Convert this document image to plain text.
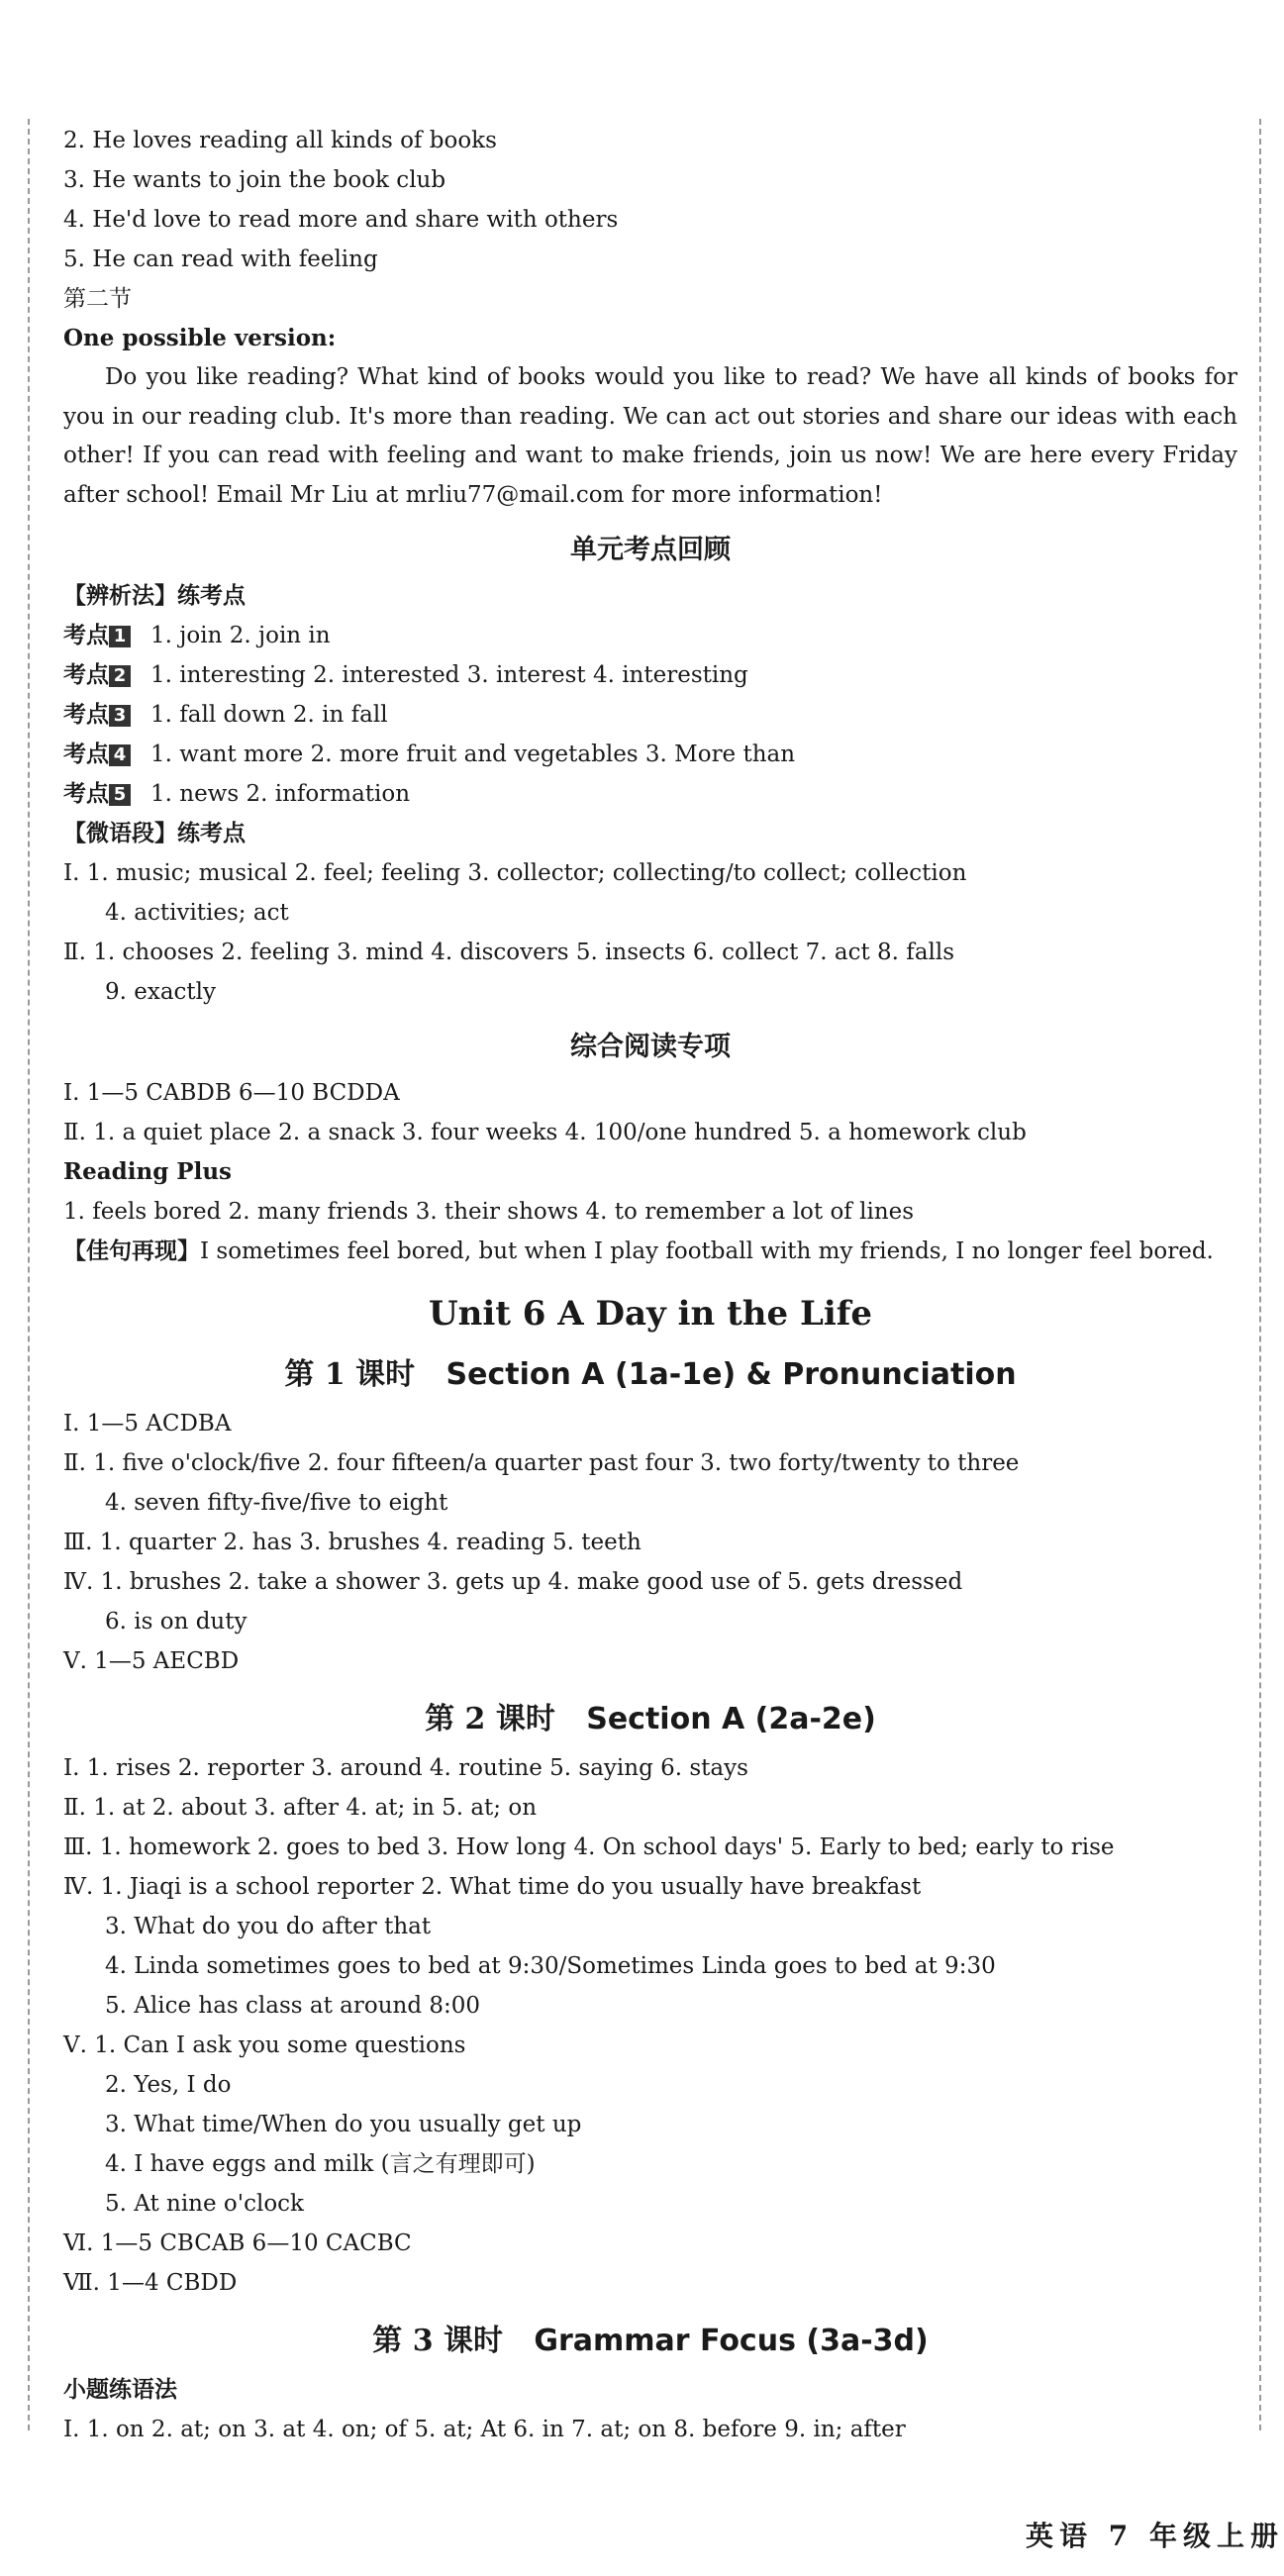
2. He loves reading all kinds of books
3. He wants to join the book club
4. He'd love to read more and share with others
5. He can read with feeling
第二节
One possible version:

Do you like reading? What kind of books would you like to read? We have all kinds of books for you in our reading club. It's more than reading. We can act out stories and share our ideas with each other! If you can read with feeling and want to make friends, join us now! We are here every Friday after school! Email Mr Liu at mrliu77@mail.com for more information!

单元考点回顾
【辨析法】练考点
考点 1 1. join 2. join in
考点 2 1. interesting 2. interested 3. interest 4. interesting
考点 3 1. fall down 2. in fall
考点 4 1. want more 2. more fruit and vegetables 3. More than
考点 5 1. news 2. information
【微语段】练考点
Ⅰ. 1. music; musical 2. feel; feeling 3. collector; collecting/to collect; collection
4. activities; act
Ⅱ. 1. chooses 2. feeling 3. mind 4. discovers 5. insects 6. collect 7. act 8. falls
9. exactly
综合阅读专项
Ⅰ. 1—5 CABDB 6—10 BCDDA
Ⅱ. 1. a quiet place 2. a snack 3. four weeks 4. 100/one hundred 5. a homework club
Reading Plus
1. feels bored 2. many friends 3. their shows 4. to remember a lot of lines
【佳句再现】I sometimes feel bored, but when I play football with my friends, I no longer feel bored.
Unit 6 A Day in the Life
第 1 课时 Section A (1a-1e) & Pronunciation
Ⅰ. 1—5 ACDBA
Ⅱ. 1. five o'clock/five 2. four fifteen/a quarter past four 3. two forty/twenty to three
4. seven fifty-five/five to eight
Ⅲ. 1. quarter 2. has 3. brushes 4. reading 5. teeth
Ⅳ. 1. brushes 2. take a shower 3. gets up 4. make good use of 5. gets dressed
6. is on duty
Ⅴ. 1—5 AECBD
第 2 课时 Section A (2a-2e)
Ⅰ. 1. rises 2. reporter 3. around 4. routine 5. saying 6. stays
Ⅱ. 1. at 2. about 3. after 4. at; in 5. at; on
Ⅲ. 1. homework 2. goes to bed 3. How long 4. On school days' 5. Early to bed; early to rise
Ⅳ. 1. Jiaqi is a school reporter 2. What time do you usually have breakfast
3. What do you do after that
4. Linda sometimes goes to bed at 9:30/Sometimes Linda goes to bed at 9:30
5. Alice has class at around 8:00
Ⅴ. 1. Can I ask you some questions
2. Yes, I do
3. What time/When do you usually get up
4. I have eggs and milk (言之有理即可)
5. At nine o'clock
Ⅵ. 1—5 CBCAB 6—10 CACBC
Ⅶ. 1—4 CBDD
第 3 课时 Grammar Focus (3a-3d)
小题练语法
Ⅰ. 1. on 2. at; on 3. at 4. on; of 5. at; At 6. in 7. at; on 8. before 9. in; after
英语 7 年级上册
